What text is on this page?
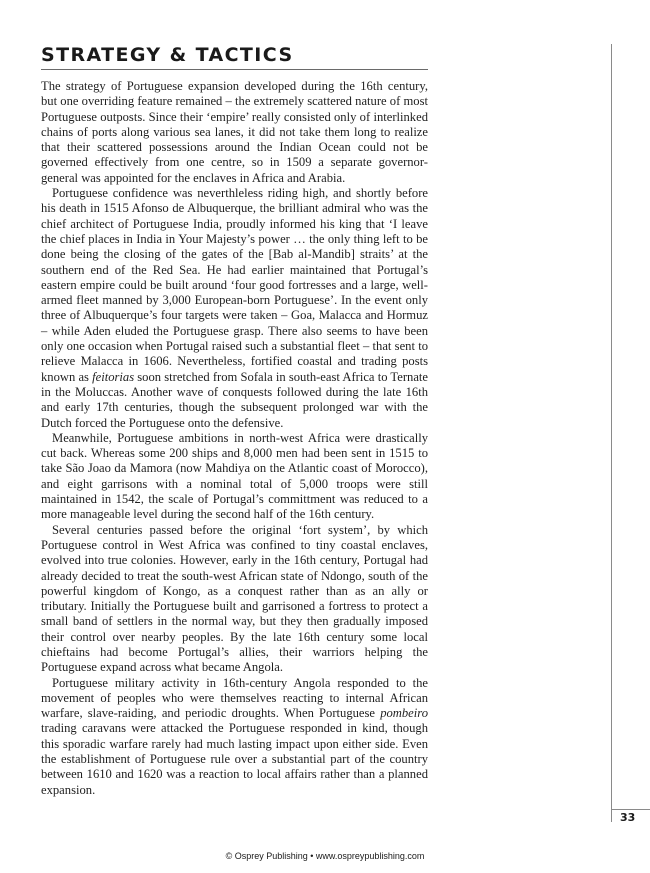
STRATEGY & TACTICS

The strategy of Portuguese expansion developed during the 16th century, but one overriding feature remained – the extremely scattered nature of most Portuguese outposts. Since their ‘empire’ really consisted only of interlinked chains of ports along various sea lanes, it did not take them long to realize that their scattered possessions around the Indian Ocean could not be governed effectively from one centre, so in 1509 a separate governor-general was appointed for the enclaves in Africa and Arabia.

Portuguese confidence was neverthleless riding high, and shortly before his death in 1515 Afonso de Albuquerque, the brilliant admiral who was the chief architect of Portuguese India, proudly informed his king that ‘I leave the chief places in India in Your Majesty’s power … the only thing left to be done being the closing of the gates of the [Bab al-Mandib] straits’ at the southern end of the Red Sea. He had earlier maintained that Portugal’s eastern empire could be built around ‘four good fortresses and a large, well-armed fleet manned by 3,000 European-born Portuguese’. In the event only three of Albuquerque’s four targets were taken – Goa, Malacca and Hormuz – while Aden eluded the Portuguese grasp. There also seems to have been only one occasion when Portugal raised such a substantial fleet – that sent to relieve Malacca in 1606. Nevertheless, fortified coastal and trading posts known as feitorias soon stretched from Sofala in south-east Africa to Ternate in the Moluccas. Another wave of conquests followed during the late 16th and early 17th centuries, though the subsequent prolonged war with the Dutch forced the Portuguese onto the defensive.

Meanwhile, Portuguese ambitions in north-west Africa were drastically cut back. Whereas some 200 ships and 8,000 men had been sent in 1515 to take São Joao da Mamora (now Mahdiya on the Atlantic coast of Morocco), and eight garrisons with a nominal total of 5,000 troops were still maintained in 1542, the scale of Portugal’s committment was reduced to a more manageable level during the second half of the 16th century.

Several centuries passed before the original ‘fort system’, by which Portuguese control in West Africa was confined to tiny coastal enclaves, evolved into true colonies. However, early in the 16th century, Portugal had already decided to treat the south-west African state of Ndongo, south of the powerful kingdom of Kongo, as a conquest rather than as an ally or tributary. Initially the Portuguese built and garrisoned a fortress to protect a small band of settlers in the normal way, but they then gradually imposed their control over nearby peoples. By the late 16th century some local chieftains had become Portugal’s allies, their warriors helping the Portuguese expand across what became Angola.

Portuguese military activity in 16th-century Angola responded to the movement of peoples who were themselves reacting to internal African warfare, slave-raiding, and periodic droughts. When Portuguese pombeiro trading caravans were attacked the Portuguese responded in kind, though this sporadic warfare rarely had much lasting impact upon either side. Even the establishment of Portuguese rule over a substantial part of the country between 1610 and 1620 was a reaction to local affairs rather than a planned expansion.

33
© Osprey Publishing • www.ospreypublishing.com
